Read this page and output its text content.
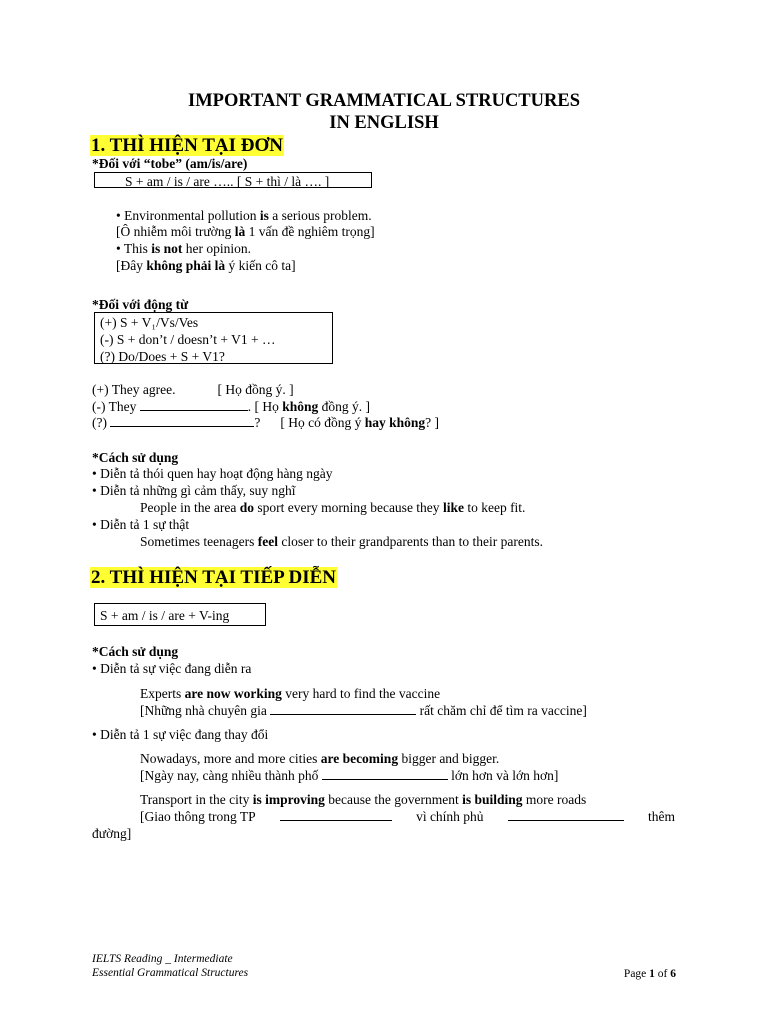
IMPORTANT GRAMMATICAL STRUCTURES
IN ENGLISH
1. THÌ HIỆN TẠI ĐƠN
*Đối với “tobe” (am/is/are)
S + am / is / are ….. [ S + thì / là …. ]
• Environmental pollution is a serious problem.
[Ô nhiễm môi trường là 1 vấn đề nghiêm trọng]
• This is not her opinion.
[Đây không phải là ý kiến cô ta]
*Đối với động từ
(+) S + V₁/Vs/Ves
(-) S + don’t / doesn’t + V1 + …
(?) Do/Does + S + V1?
(+) They agree.	[ Họ đồng ý. ]
(-) They	. [ Họ không đồng ý. ]
(?)	? [ Họ có đồng ý hay không? ]
*Cách sử dụng
• Diễn tả thói quen hay hoạt động hàng ngày
• Diễn tả những gì cảm thấy, suy nghĩ
People in the area do sport every morning because they like to keep fit.
• Diễn tả 1 sự thật
Sometimes teenagers feel closer to their grandparents than to their parents.
2. THÌ HIỆN TẠI TIẾP DIỄN
S + am / is / are + V-ing
*Cách sử dụng
• Diễn tả sự việc đang diễn ra
Experts are now working very hard to find the vaccine
[Những nhà chuyên gia	rất chăm chỉ để tìm ra vaccine]
• Diễn tả 1 sự việc đang thay đổi
Nowadays, more and more cities are becoming bigger and bigger.
[Ngày nay, càng nhiều thành phố	lớn hơn và lớn hơn]
Transport in the city is improving because the government is building more roads
[Giao thông trong TP	vì chính phủ	thêm
đường]
IELTS Reading _ Intermediate
Essential Grammatical Structures	Page 1 of 6
